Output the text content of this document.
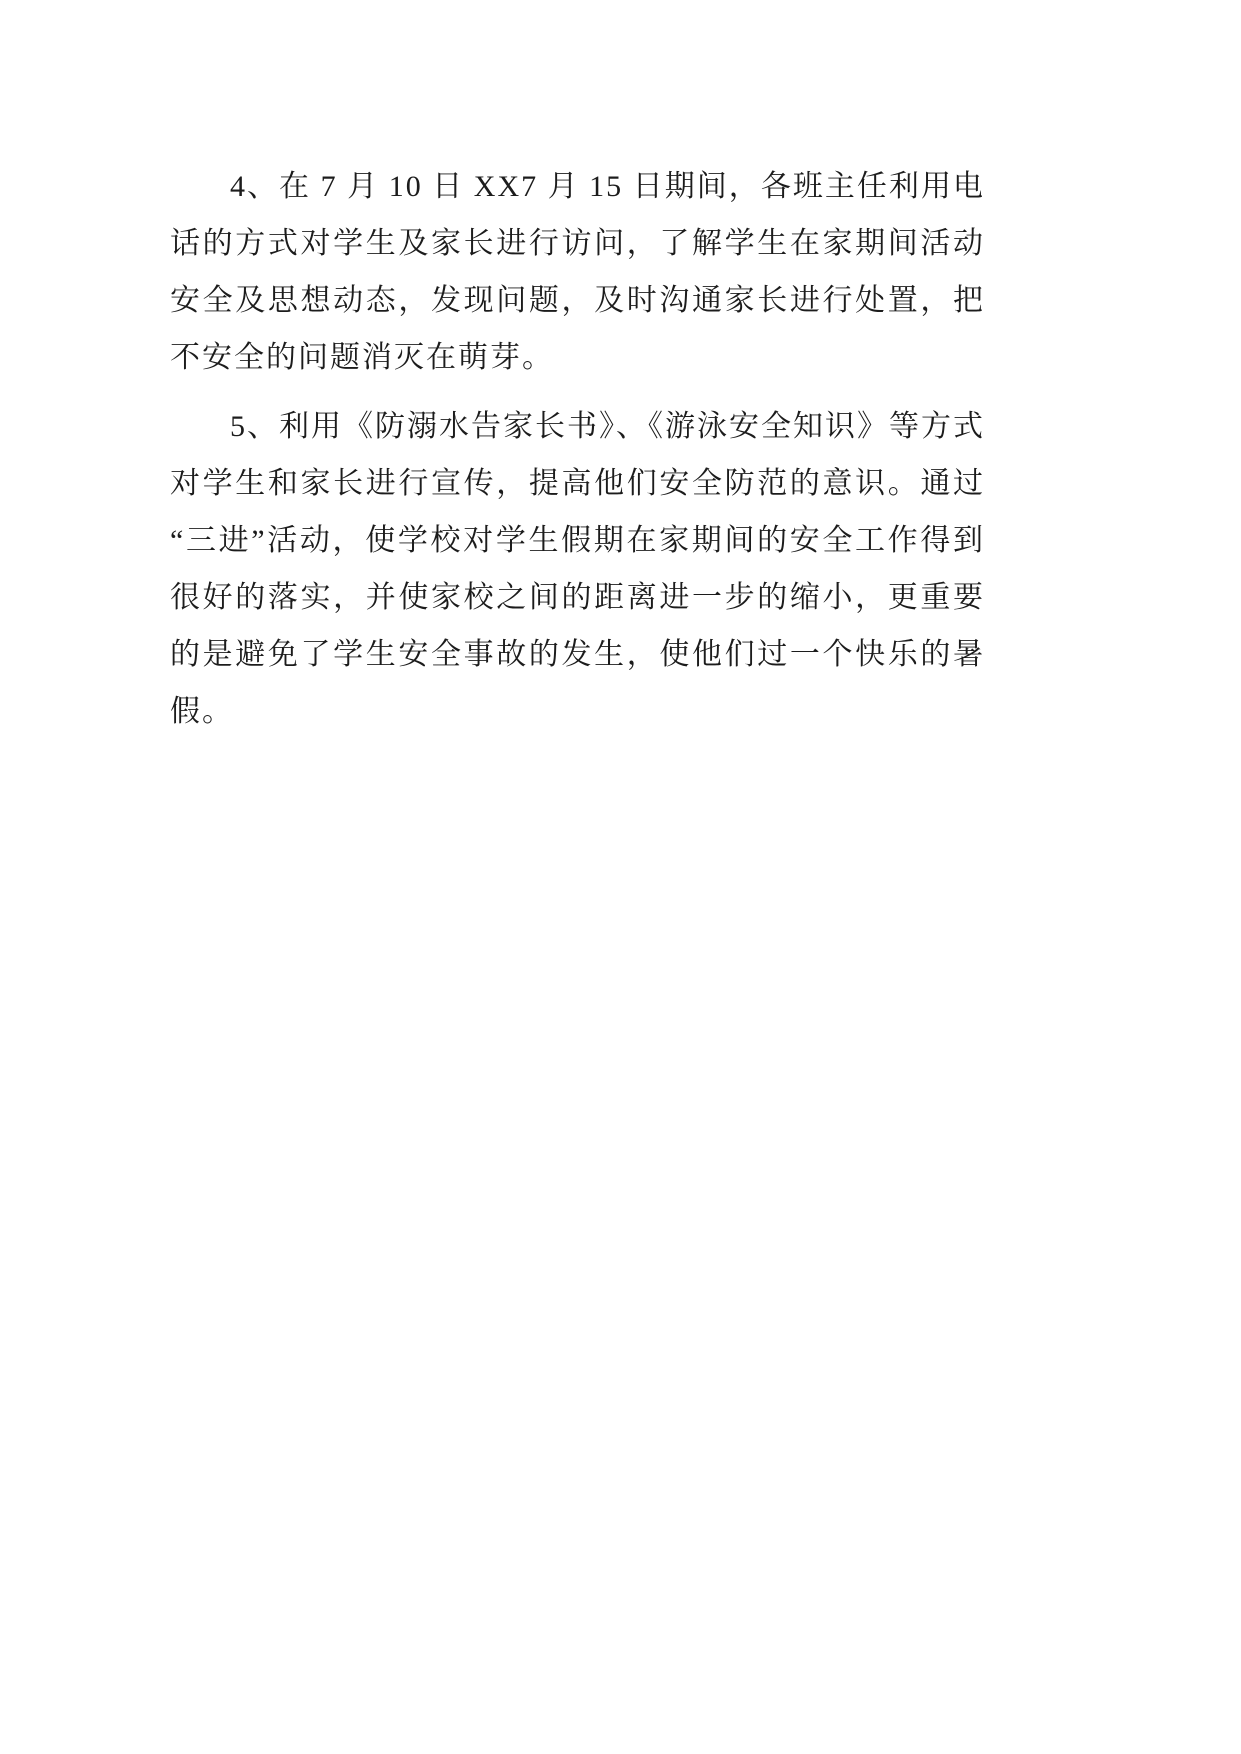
4、在 7 月 10 日 XX7 月 15 日期间，各班主任利用电话的方式对学生及家长进行访问，了解学生在家期间活动安全及思想动态，发现问题，及时沟通家长进行处置，把不安全的问题消灭在萌芽。

5、利用《防溺水告家长书》、《游泳安全知识》等方式对学生和家长进行宣传，提高他们安全防范的意识。通过“三进”活动，使学校对学生假期在家期间的安全工作得到很好的落实，并使家校之间的距离进一步的缩小，更重要的是避免了学生安全事故的发生，使他们过一个快乐的暑假。
